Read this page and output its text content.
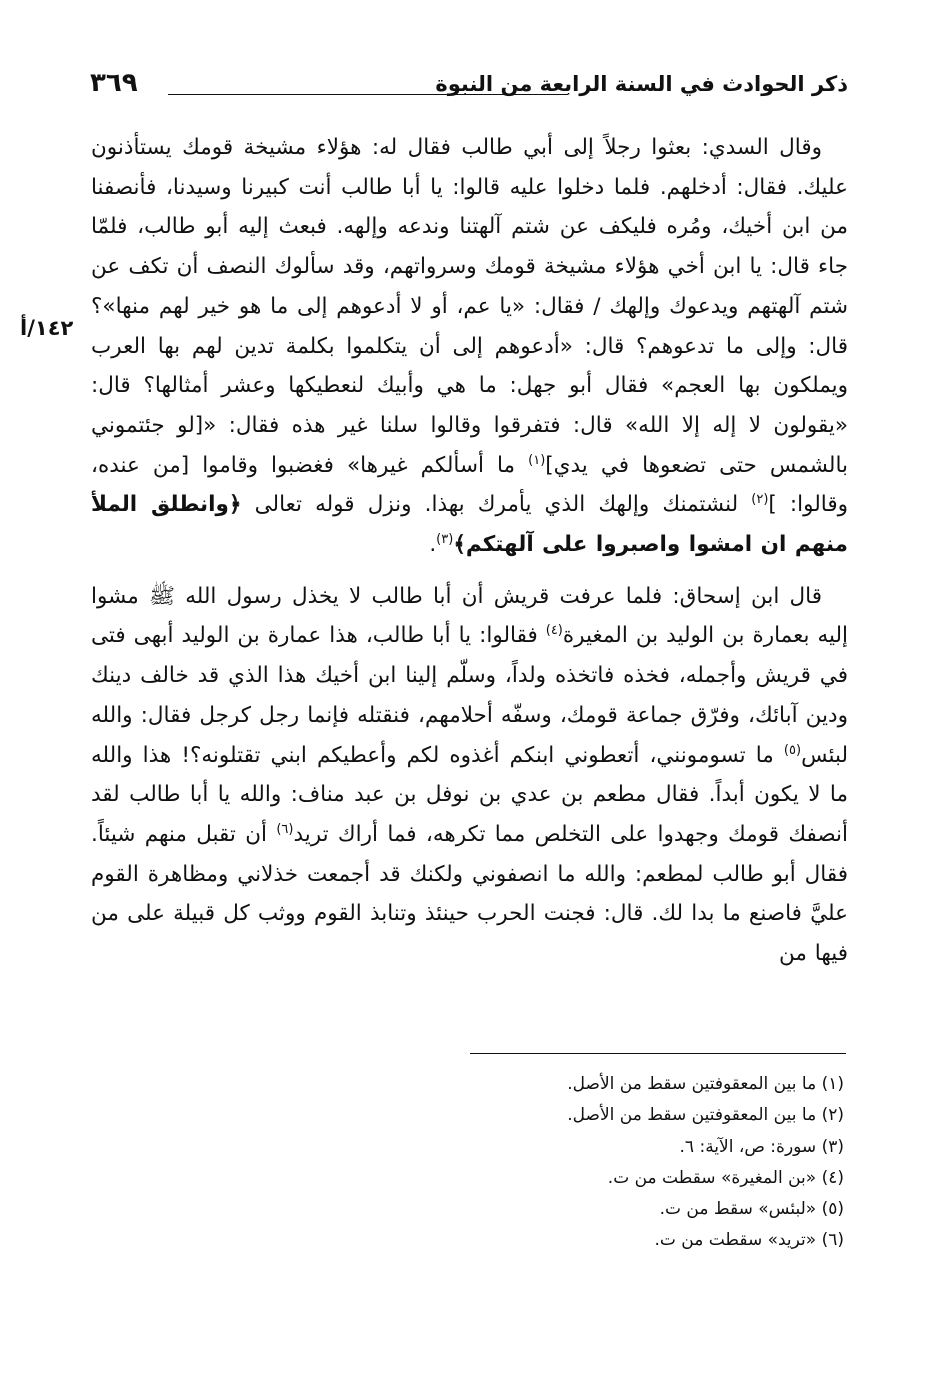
ذكر الحوادث في السنة الرابعة من النبوة
٣٦٩
١٤٢/أ

وقال السدي: بعثوا رجلاً إلى أبي طالب فقال له: هؤلاء مشيخة قومك يستأذنون عليك. فقال: أدخلهم. فلما دخلوا عليه قالوا: يا أبا طالب أنت كبيرنا وسيدنا، فأنصفنا من ابن أخيك، ومُره فليكف عن شتم آلهتنا وندعه وإلهه. فبعث إليه أبو طالب، فلمّا جاء قال: يا ابن أخي هؤلاء مشيخة قومك وسرواتهم، وقد سألوك النصف أن تكف عن شتم آلهتهم ويدعوك وإلهك / فقال: «يا عم، أو لا أدعوهم إلى ما هو خير لهم منها»؟ قال: وإلى ما تدعوهم؟ قال: «أدعوهم إلى أن يتكلموا بكلمة تدين لهم بها العرب ويملكون بها العجم» فقال أبو جهل: ما هي وأبيك لنعطيكها وعشر أمثالها؟ قال: «يقولون لا إله إلا الله» قال: فتفرقوا وقالوا سلنا غير هذه فقال: «[لو جئتموني بالشمس حتى تضعوها في يدي]$^{(١)}$ ما أسألكم غيرها» فغضبوا وقاموا [من عنده، وقالوا: ]$^{(٢)}$ لنشتمنك وإلهك الذي يأمرك بهذا. ونزل قوله تعالى ﴿وانطلق الملأ منهم ان امشوا واصبروا على آلهتكم﴾$^{(٣)}$.

قال ابن إسحاق: فلما عرفت قريش أن أبا طالب لا يخذل رسول الله ﷺ مشوا إليه بعمارة بن الوليد بن المغيرة$^{(٤)}$ فقالوا: يا أبا طالب، هذا عمارة بن الوليد أبهى فتى في قريش وأجمله، فخذه فاتخذه ولداً، وسلّم إلينا ابن أخيك هذا الذي قد خالف دينك ودين آبائك، وفرّق جماعة قومك، وسفّه أحلامهم، فنقتله فإنما رجل كرجل فقال: والله لبئس$^{(٥)}$ ما تسومونني، أتعطوني ابنكم أغذوه لكم وأعطيكم ابني تقتلونه؟! هذا والله ما لا يكون أبداً. فقال مطعم بن عدي بن نوفل بن عبد مناف: والله يا أبا طالب لقد أنصفك قومك وجهدوا على التخلص مما تكرهه، فما أراك تريد$^{(٦)}$ أن تقبل منهم شيئاً. فقال أبو طالب لمطعم: والله ما انصفوني ولكنك قد أجمعت خذلاني ومظاهرة القوم عليَّ فاصنع ما بدا لك. قال: فجنت الحرب حينئذ وتنابذ القوم ووثب كل قبيلة على من فيها من

(١) ما بين المعقوفتين سقط من الأصل.
(٢) ما بين المعقوفتين سقط من الأصل.
(٣) سورة: ص، الآية: ٦.
(٤) «بن المغيرة» سقطت من ت.
(٥) «لبئس» سقط من ت.
(٦) «تريد» سقطت من ت.
